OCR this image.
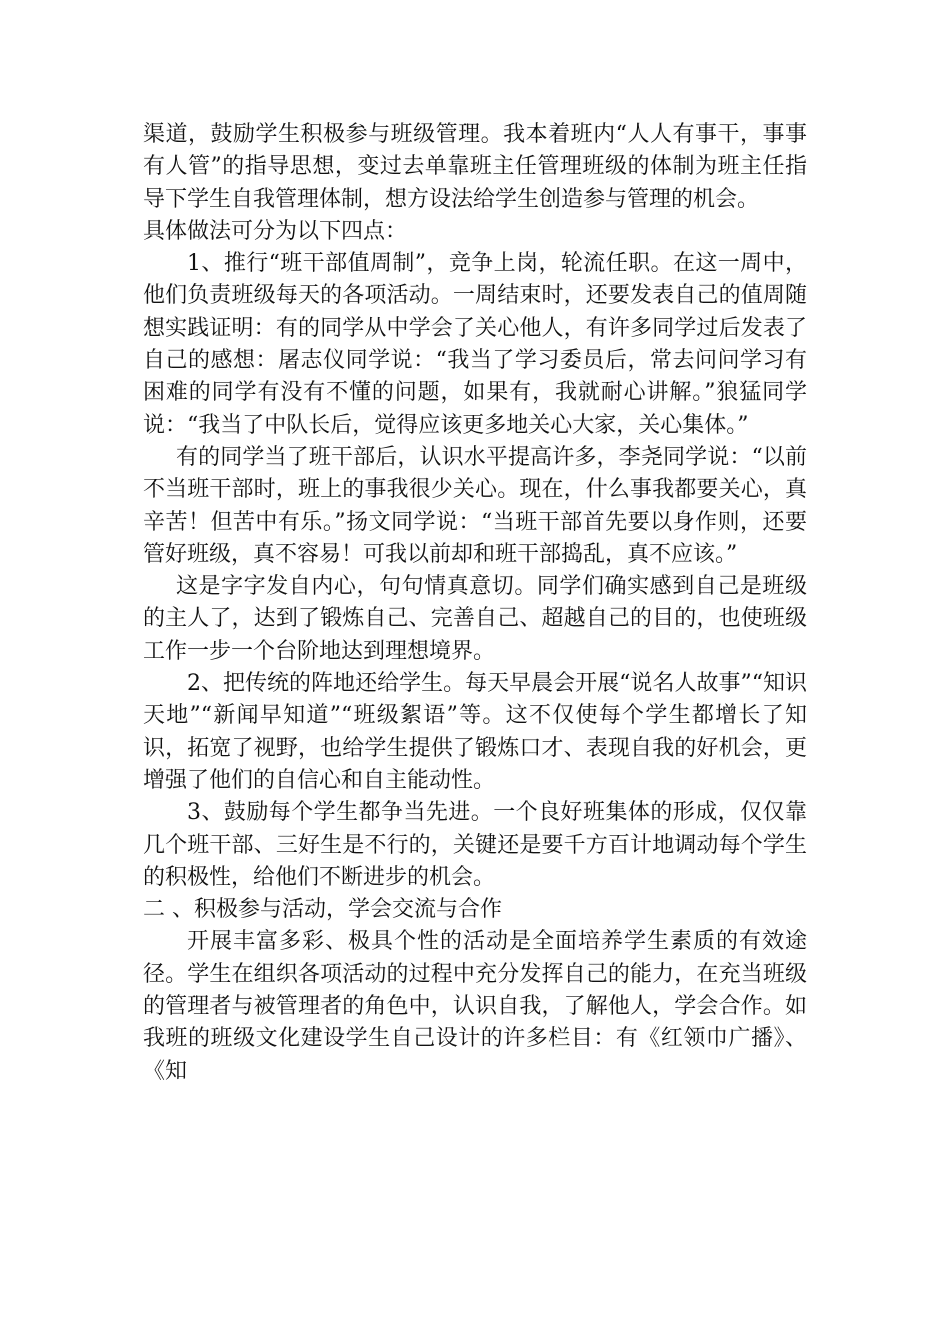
渠道，鼓励学生积极参与班级管理。我本着班内“人人有事干，事事有人管”的指导思想，变过去单靠班主任管理班级的体制为班主任指导下学生自我管理体制，想方设法给学生创造参与管理的机会。

具体做法可分为以下四点：

1、推行“班干部值周制”，竞争上岗，轮流任职。在这一周中，他们负责班级每天的各项活动。一周结束时，还要发表自己的值周随想实践证明：有的同学从中学会了关心他人，有许多同学过后发表了自己的感想：屠志仪同学说：“我当了学习委员后，常去问问学习有困难的同学有没有不懂的问题，如果有，我就耐心讲解。”狼猛同学说：“我当了中队长后，觉得应该更多地关心大家，关心集体。”

有的同学当了班干部后，认识水平提高许多，李尧同学说：“以前不当班干部时，班上的事我很少关心。现在，什么事我都要关心，真辛苦！但苦中有乐。”扬文同学说：“当班干部首先要以身作则，还要管好班级，真不容易！可我以前却和班干部捣乱，真不应该。”

这是字字发自内心，句句情真意切。同学们确实感到自己是班级的主人了，达到了锻炼自己、完善自己、超越自己的目的，也使班级工作一步一个台阶地达到理想境界。

2、把传统的阵地还给学生。每天早晨会开展“说名人故事”“知识天地”“新闻早知道”“班级絮语”等。这不仅使每个学生都增长了知识，拓宽了视野，也给学生提供了锻炼口才、表现自我的好机会，更增强了他们的自信心和自主能动性。

3、鼓励每个学生都争当先进。一个良好班集体的形成，仅仅靠几个班干部、三好生是不行的，关键还是要千方百计地调动每个学生的积极性，给他们不断进步的机会。

二 、积极参与活动，学会交流与合作

开展丰富多彩、极具个性的活动是全面培养学生素质的有效途径。学生在组织各项活动的过程中充分发挥自己的能力，在充当班级的管理者与被管理者的角色中，认识自我，了解他人，学会合作。如我班的班级文化建设学生自己设计的许多栏目：有《红领巾广播》、《知
